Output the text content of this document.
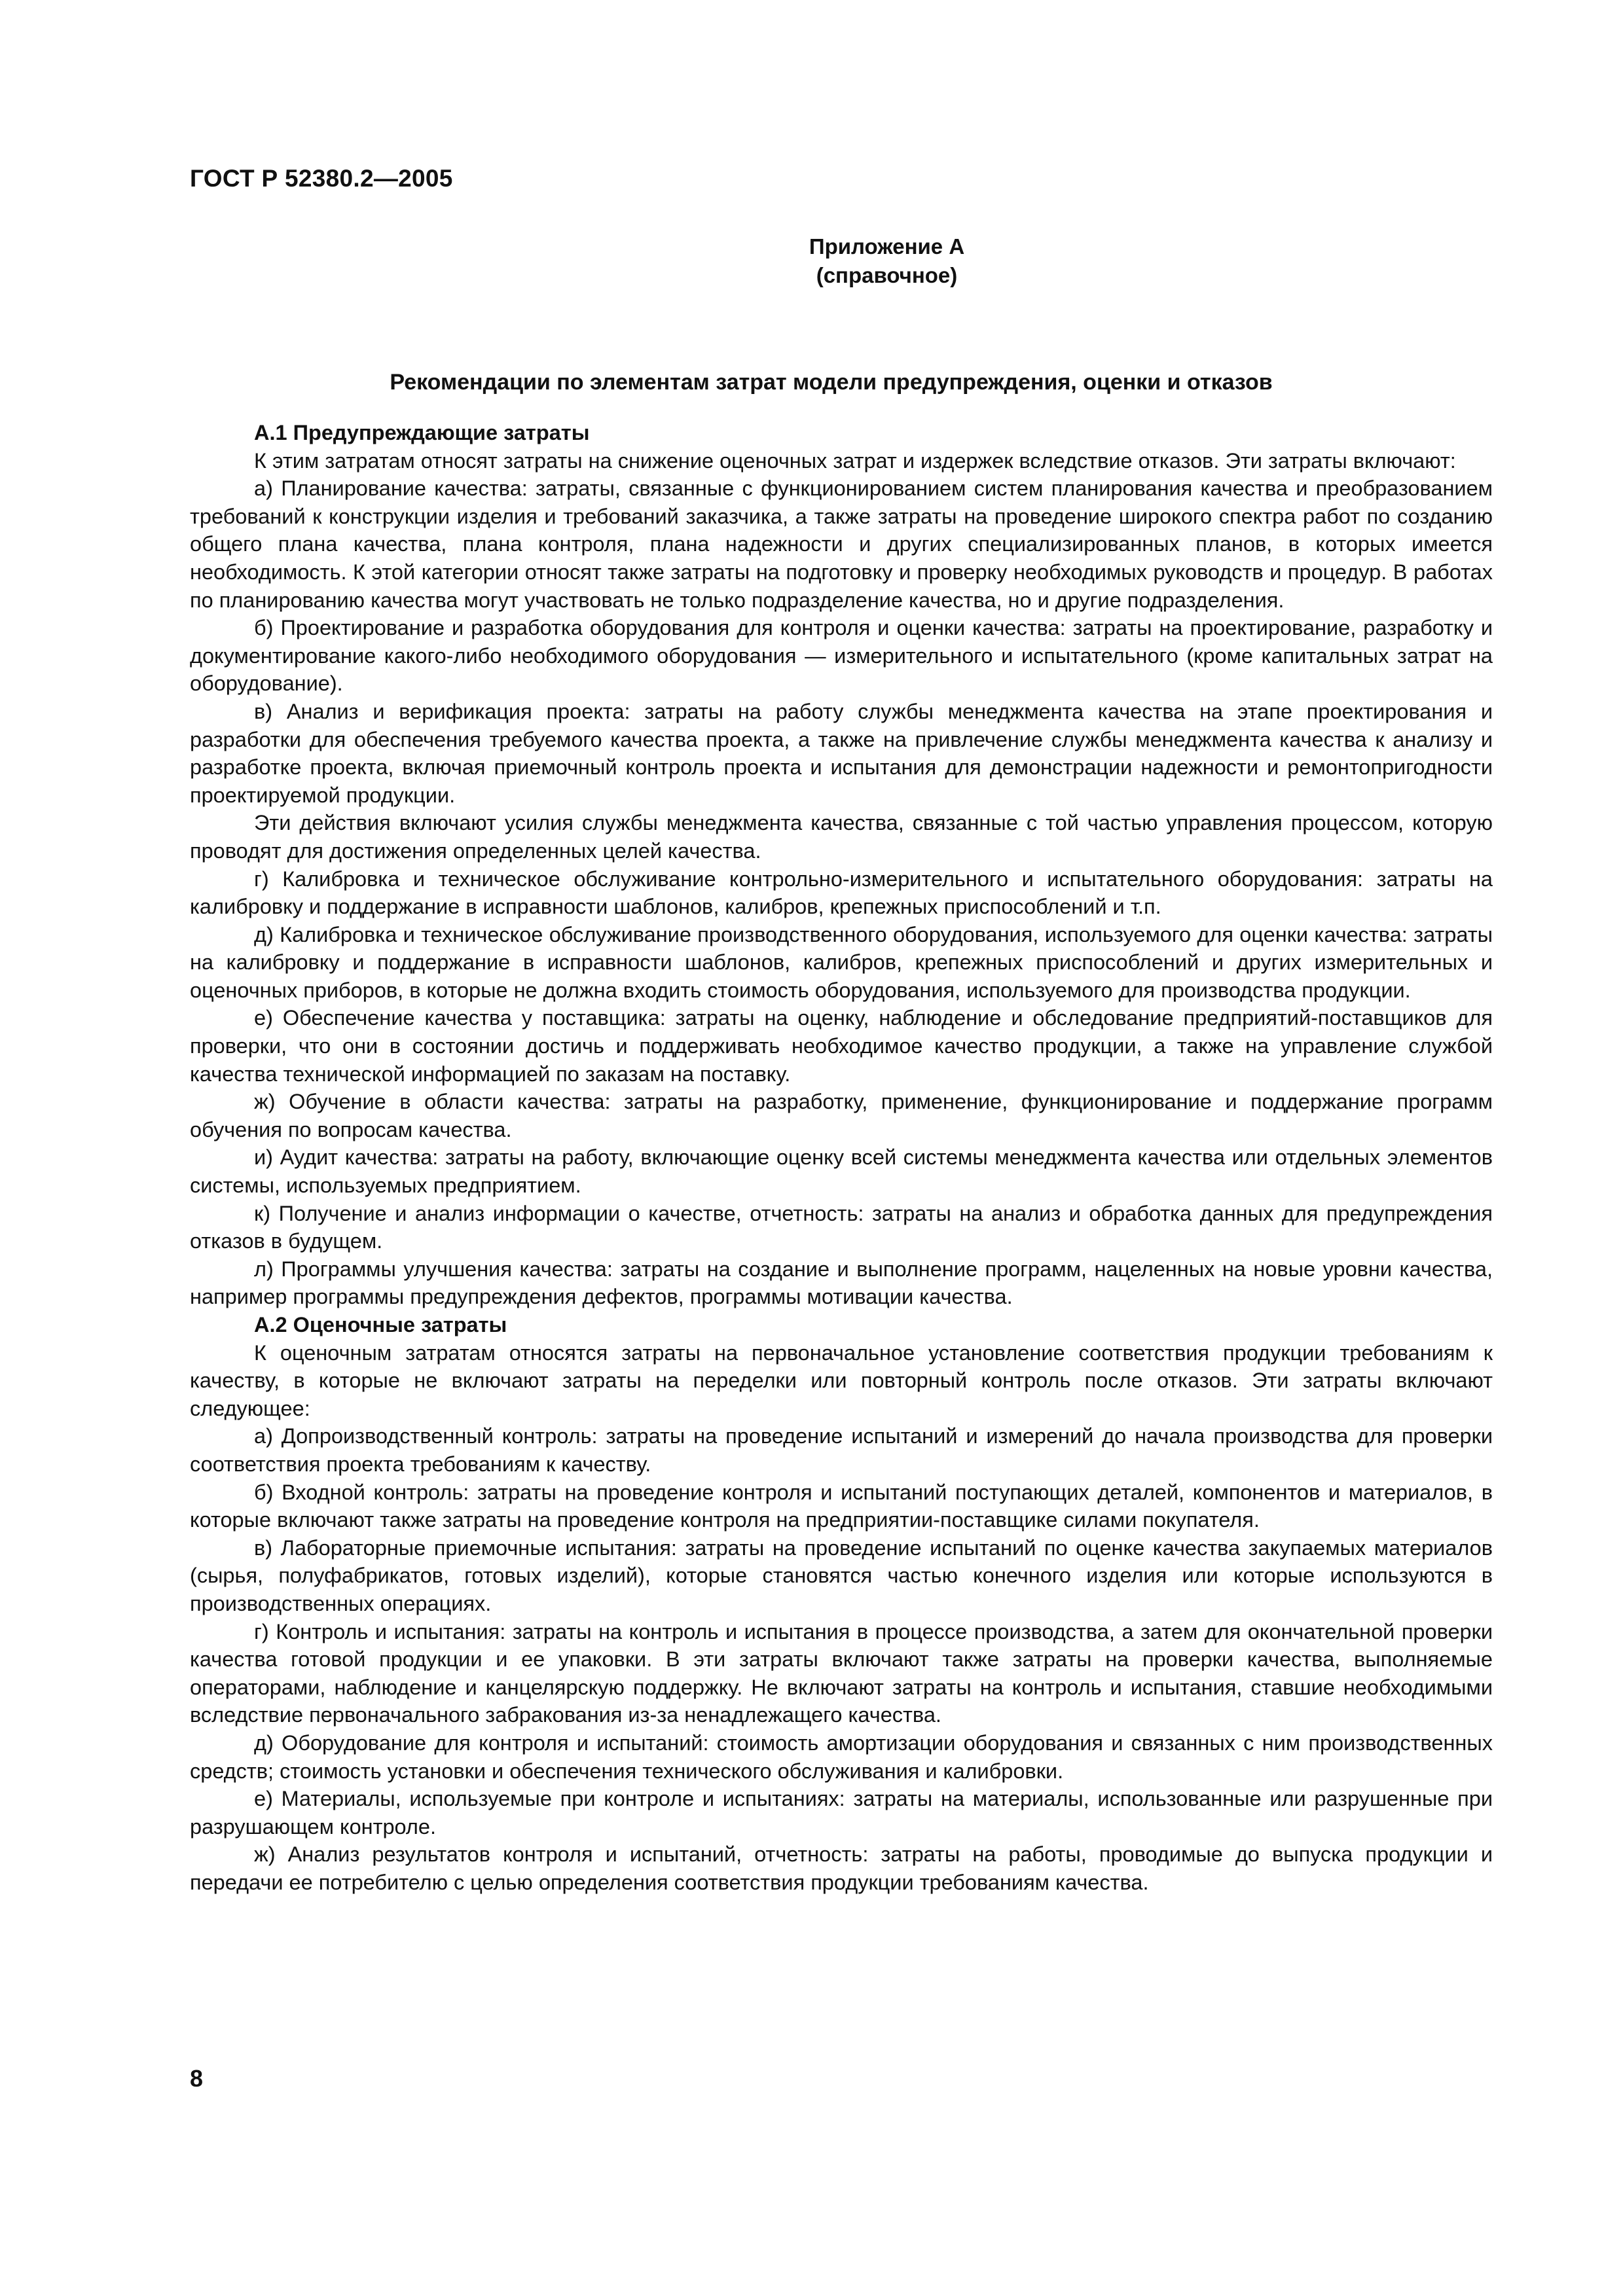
ГОСТ Р 52380.2—2005
Приложение А
(справочное)
Рекомендации по элементам затрат модели предупреждения, оценки и отказов
А.1 Предупреждающие затраты

К этим затратам относят затраты на снижение оценочных затрат и издержек вследствие отказов. Эти затраты включают:

а) Планирование качества: затраты, связанные с функционированием систем планирования качества и преобразованием требований к конструкции изделия и требований заказчика, а также затраты на проведение широкого спектра работ по созданию общего плана качества, плана контроля, плана надежности и других специализированных планов, в которых имеется необходимость. К этой категории относят также затраты на подготовку и проверку необходимых руководств и процедур. В работах по планированию качества могут участвовать не только подразделение качества, но и другие подразделения.

б) Проектирование и разработка оборудования для контроля и оценки качества: затраты на проектирование, разработку и документирование какого-либо необходимого оборудования — измерительного и испытательного (кроме капитальных затрат на оборудование).

в) Анализ и верификация проекта: затраты на работу службы менеджмента качества на этапе проектирования и разработки для обеспечения требуемого качества проекта, а также на привлечение службы менеджмента качества к анализу и разработке проекта, включая приемочный контроль проекта и испытания для демонстрации надежности и ремонтопригодности проектируемой продукции.

Эти действия включают усилия службы менеджмента качества, связанные с той частью управления процессом, которую проводят для достижения определенных целей качества.

г) Калибровка и техническое обслуживание контрольно-измерительного и испытательного оборудования: затраты на калибровку и поддержание в исправности шаблонов, калибров, крепежных приспособлений и т.п.

д) Калибровка и техническое обслуживание производственного оборудования, используемого для оценки качества: затраты на калибровку и поддержание в исправности шаблонов, калибров, крепежных приспособлений и других измерительных и оценочных приборов, в которые не должна входить стоимость оборудования, используемого для производства продукции.

е) Обеспечение качества у поставщика: затраты на оценку, наблюдение и обследование предприятий-поставщиков для проверки, что они в состоянии достичь и поддерживать необходимое качество продукции, а также на управление службой качества технической информацией по заказам на поставку.

ж) Обучение в области качества: затраты на разработку, применение, функционирование и поддержание программ обучения по вопросам качества.

и) Аудит качества: затраты на работу, включающие оценку всей системы менеджмента качества или отдельных элементов системы, используемых предприятием.

к) Получение и анализ информации о качестве, отчетность: затраты на анализ и обработка данных для предупреждения отказов в будущем.

л) Программы улучшения качества: затраты на создание и выполнение программ, нацеленных на новые уровни качества, например программы предупреждения дефектов, программы мотивации качества.

А.2 Оценочные затраты

К оценочным затратам относятся затраты на первоначальное установление соответствия продукции требованиям к качеству, в которые не включают затраты на переделки или повторный контроль после отказов. Эти затраты включают следующее:

а) Допроизводственный контроль: затраты на проведение испытаний и измерений до начала производства для проверки соответствия проекта требованиям к качеству.

б) Входной контроль: затраты на проведение контроля и испытаний поступающих деталей, компонентов и материалов, в которые включают также затраты на проведение контроля на предприятии-поставщике силами покупателя.

в) Лабораторные приемочные испытания: затраты на проведение испытаний по оценке качества закупаемых материалов (сырья, полуфабрикатов, готовых изделий), которые становятся частью конечного изделия или которые используются в производственных операциях.

г) Контроль и испытания: затраты на контроль и испытания в процессе производства, а затем для окончательной проверки качества готовой продукции и ее упаковки. В эти затраты включают также затраты на проверки качества, выполняемые операторами, наблюдение и канцелярскую поддержку. Не включают затраты на контроль и испытания, ставшие необходимыми вследствие первоначального забракования из-за ненадлежащего качества.

д) Оборудование для контроля и испытаний: стоимость амортизации оборудования и связанных с ним производственных средств; стоимость установки и обеспечения технического обслуживания и калибровки.

е) Материалы, используемые при контроле и испытаниях: затраты на материалы, использованные или разрушенные при разрушающем контроле.

ж) Анализ результатов контроля и испытаний, отчетность: затраты на работы, проводимые до выпуска продукции и передачи ее потребителю с целью определения соответствия продукции требованиям качества.

8
